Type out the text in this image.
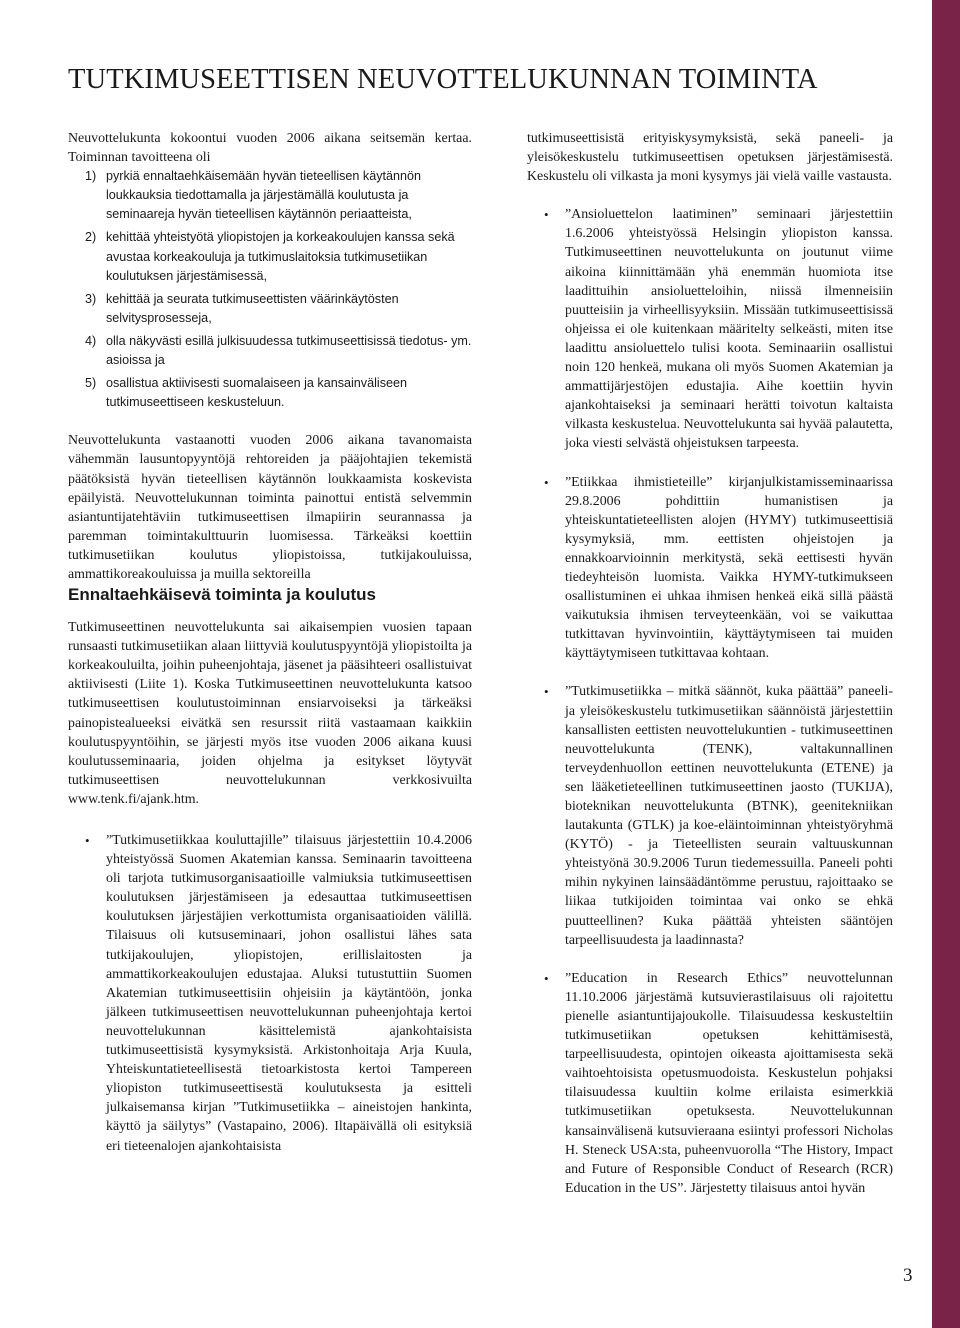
TUTKIMUSEETTISEN NEUVOTTELUKUNNAN TOIMINTA

Neuvottelukunta kokoontui vuoden 2006 aikana seitsemän kertaa. Toiminnan tavoitteena oli

1) pyrkiä ennaltaehkäisemään hyvän tieteellisen käytännön loukkauksia tiedottamalla ja järjestämällä koulutusta ja seminaareja hyvän tieteellisen käytännön periaatteista,
2) kehittää yhteistyötä yliopistojen ja korkeakoulujen kanssa sekä avustaa korkeakouluja ja tutkimuslaitoksia tutkimusetiikan koulutuksen järjestämisessä,
3) kehittää ja seurata tutkimuseettisten väärinkäytösten selvitysprosesseja,
4) olla näkyvästi esillä julkisuudessa tutkimuseettisissä tiedotus- ym. asioissa ja
5) osallistua aktiivisesti suomalaiseen ja kansainväliseen tutkimuseettiseen keskusteluun.

Neuvottelukunta vastaanotti vuoden 2006 aikana tavanomaista vähemmän lausuntopyyntöjä rehtoreiden ja pääjohtajien tekemistä päätöksistä hyvän tieteellisen käytännön loukkaamista koskevista epäilyistä. Neuvottelukunnan toiminta painottui entistä selvemmin asiantuntijatehtäviin tutkimuseettisen ilmapiirin seurannassa ja paremman toimintakulttuurin luomisessa. Tärkeäksi koettiin tutkimusetiikan koulutus yliopistoissa, tutkijakouluissa, ammattikoreakouluissa ja muilla sektoreilla

Ennaltaehkäisevä toiminta ja koulutus

Tutkimuseettinen neuvottelukunta sai aikaisempien vuosien tapaan runsaasti tutkimusetiikan alaan liittyviä koulutuspyyntöjä yliopistoilta ja korkeakouluilta, joihin puheenjohtaja, jäsenet ja pääsihteeri osallistuivat aktiivisesti (Liite 1). Koska Tutkimuseettinen neuvottelukunta katsoo tutkimuseettisen koulutustoiminnan ensiarvoiseksi ja tärkeäksi painopistealueeksi eivätkä sen resurssit riitä vastaamaan kaikkiin koulutuspyyntöihin, se järjesti myös itse vuoden 2006 aikana kuusi koulutusseminaaria, joiden ohjelma ja esitykset löytyvät tutkimuseettisen neuvottelukunnan verkkosivuilta www.tenk.fi/ajank.htm.

• ”Tutkimusetiikkaa kouluttajille” tilaisuus järjestettiin 10.4.2006 yhteistyössä Suomen Akatemian kanssa. Seminaarin tavoitteena oli tarjota tutkimusorganisaatioille valmiuksia tutkimuseettisen koulutuksen järjestämiseen ja edesauttaa tutkimuseettisen koulutuksen järjestäjien verkottumista organisaatioiden välillä. Tilaisuus oli kutsuseminaari, johon osallistui lähes sata tutkijakoulujen, yliopistojen, erillislaitosten ja ammattikorkeakoulujen edustajaa. Aluksi tutustuttiin Suomen Akatemian tutkimuseettisiin ohjeisiin ja käytäntöön, jonka jälkeen tutkimuseettisen neuvottelukunnan puheenjohtaja kertoi neuvottelukunnan käsittelemistä ajankohtaisista tutkimuseettisistä kysymyksistä. Arkistonhoitaja Arja Kuula, Yhteiskuntatieteellisestä tietoarkistosta kertoi Tampereen yliopiston tutkimuseettisestä koulutuksesta ja esitteli julkaisemansa kirjan ”Tutkimusetiikka – aineistojen hankinta, käyttö ja säilytys” (Vastapaino, 2006). Iltapäivällä oli esityksiä eri tieteenalojen ajankohtaisista

tutkimuseettisistä erityiskysymyksistä, sekä paneeli- ja yleisökeskustelu tutkimuseettisen opetuksen järjestämisestä. Keskustelu oli vilkasta ja moni kysymys jäi vielä vaille vastausta.

• ”Ansioluettelon laatiminen” seminaari järjestettiin 1.6.2006 yhteistyössä Helsingin yliopiston kanssa. Tutkimuseettinen neuvottelukunta on joutunut viime aikoina kiinnittämään yhä enemmän huomiota itse laadittuihin ansioluetteloihin, niissä ilmenneisiin puutteisiin ja virheellisyyksiin. Missään tutkimuseettisissä ohjeissa ei ole kuitenkaan määritelty selkeästi, miten itse laadittu ansioluettelo tulisi koota. Seminaariin osallistui noin 120 henkeä, mukana oli myös Suomen Akatemian ja ammattijärjestöjen edustajia. Aihe koettiin hyvin ajankohtaiseksi ja seminaari herätti toivotun kaltaista vilkasta keskustelua. Neuvottelukunta sai hyvää palautetta, joka viesti selvästä ohjeistuksen tarpeesta.

• ”Etiikkaa ihmistieteille” kirjanjulkistamisseminaarissa 29.8.2006 pohdittiin humanistisen ja yhteiskuntatieteellisten alojen (HYMY) tutkimuseettisiä kysymyksiä, mm. eettisten ohjeistojen ja ennakkoarvioinnin merkitystä, sekä eettisesti hyvän tiedeyhteisön luomista. Vaikka HYMY-tutkimukseen osallistuminen ei uhkaa ihmisen henkeä eikä sillä päästä vaikutuksia ihmisen terveyteenkään, voi se vaikuttaa tutkittavan hyvinvointiin, käyttäytymiseen tai muiden käyttäytymiseen tutkittavaa kohtaan.

• ”Tutkimusetiikka – mitkä säännöt, kuka päättää” paneeli- ja yleisökeskustelu tutkimusetiikan säännöistä järjestettiin kansallisten eettisten neuvottelukuntien - tutkimuseettinen neuvottelukunta (TENK), valtakunnallinen terveydenhuollon eettinen neuvottelukunta (ETENE) ja sen lääketieteellinen tutkimuseettinen jaosto (TUKIJA), bioteknikan neuvottelukunta (BTNK), geenitekniikan lautakunta (GTLK) ja koe-eläintoiminnan yhteistyöryhmä (KYTÖ) - ja Tieteellisten seurain valtuuskunnan yhteistyönä 30.9.2006 Turun tiedemessuilla. Paneeli pohti mihin nykyinen lainsäädäntömme perustuu, rajoittaako se liikaa tutkijoiden toimintaa vai onko se ehkä puutteellinen? Kuka päättää yhteisten sääntöjen tarpeellisuudesta ja laadinnasta?

• ”Education in Research Ethics” neuvottelunnan 11.10.2006 järjestämä kutsuvierastilaisuus oli rajoitettu pienelle asiantuntijajoukolle. Tilaisuudessa keskusteltiin tutkimusetiikan opetuksen kehittämisestä, tarpeellisuudesta, opintojen oikeasta ajoittamisesta sekä vaihtoehtoisista opetusmuodoista. Keskustelun pohjaksi tilaisuudessa kuultiin kolme erilaista esimerkkiä tutkimusetiikan opetuksesta. Neuvottelukunnan kansainvälisenä kutsuvieraana esiintyi professori Nicholas H. Steneck USA:sta, puheenvuorolla “The History, Impact and Future of Responsible Conduct of Research (RCR) Education in the US”. Järjestetty tilaisuus antoi hyvän

3
